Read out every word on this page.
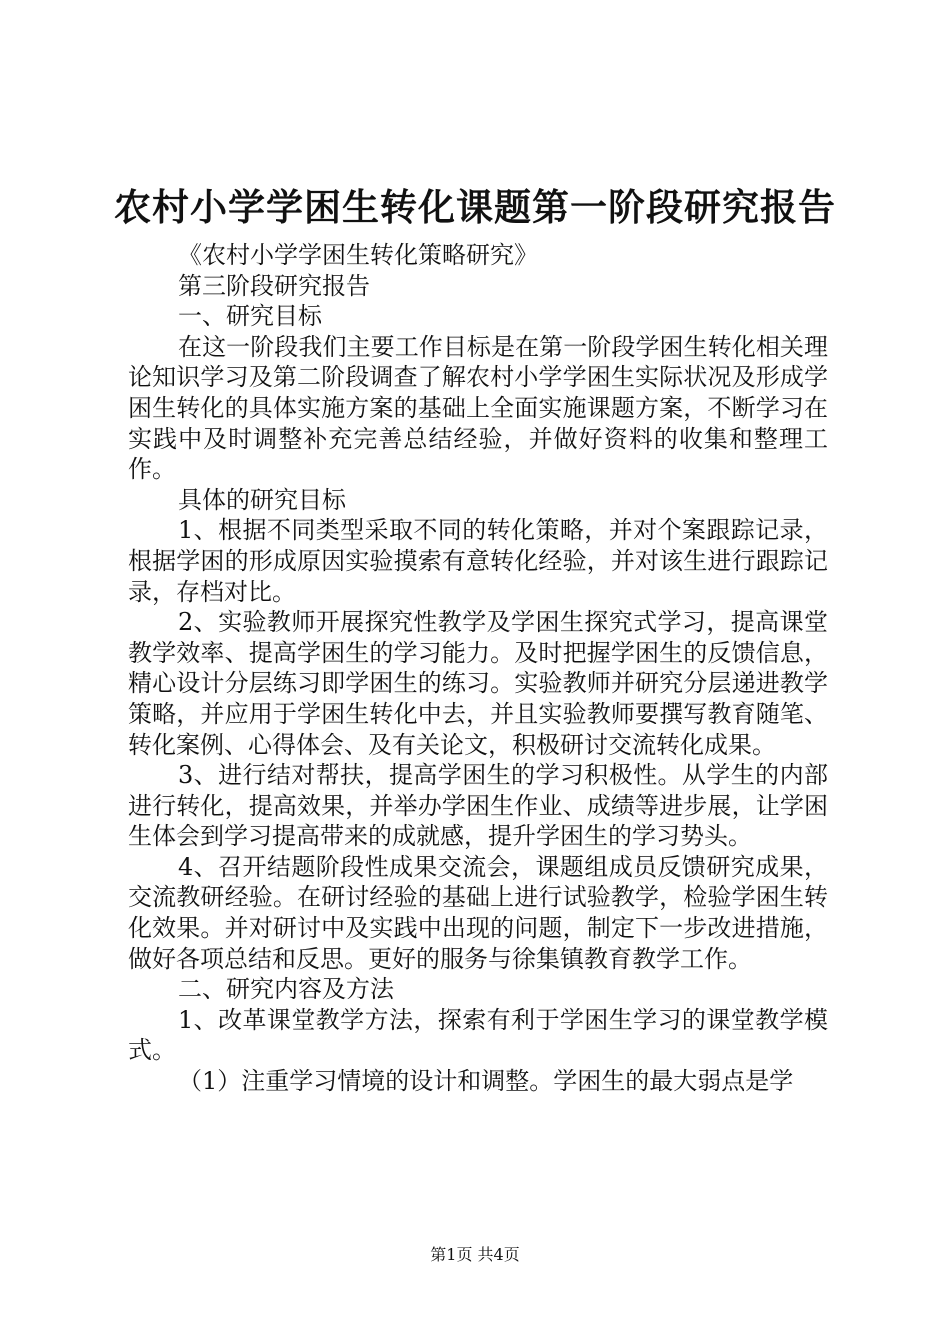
农村小学学困生转化课题第一阶段研究报告

《农村小学学困生转化策略研究》

第三阶段研究报告

一、研究目标

在这一阶段我们主要工作目标是在第一阶段学困生转化相关理论知识学习及第二阶段调查了解农村小学学困生实际状况及形成学困生转化的具体实施方案的基础上全面实施课题方案，不断学习在实践中及时调整补充完善总结经验，并做好资料的收集和整理工作。

具体的研究目标

1、根据不同类型采取不同的转化策略，并对个案跟踪记录，根据学困的形成原因实验摸索有意转化经验，并对该生进行跟踪记录，存档对比。

2、实验教师开展探究性教学及学困生探究式学习，提高课堂教学效率、提高学困生的学习能力。及时把握学困生的反馈信息，精心设计分层练习即学困生的练习。实验教师并研究分层递进教学策略，并应用于学困生转化中去，并且实验教师要撰写教育随笔、转化案例、心得体会、及有关论文，积极研讨交流转化成果。

3、进行结对帮扶，提高学困生的学习积极性。从学生的内部进行转化，提高效果，并举办学困生作业、成绩等进步展，让学困生体会到学习提高带来的成就感，提升学困生的学习势头。

4、召开结题阶段性成果交流会，课题组成员反馈研究成果，交流教研经验。在研讨经验的基础上进行试验教学，检验学困生转化效果。并对研讨中及实践中出现的问题，制定下一步改进措施，做好各项总结和反思。更好的服务与徐集镇教育教学工作。

二、研究内容及方法

1、改革课堂教学方法，探索有利于学困生学习的课堂教学模式。

（1）注重学习情境的设计和调整。学困生的最大弱点是学

第1页 共4页
